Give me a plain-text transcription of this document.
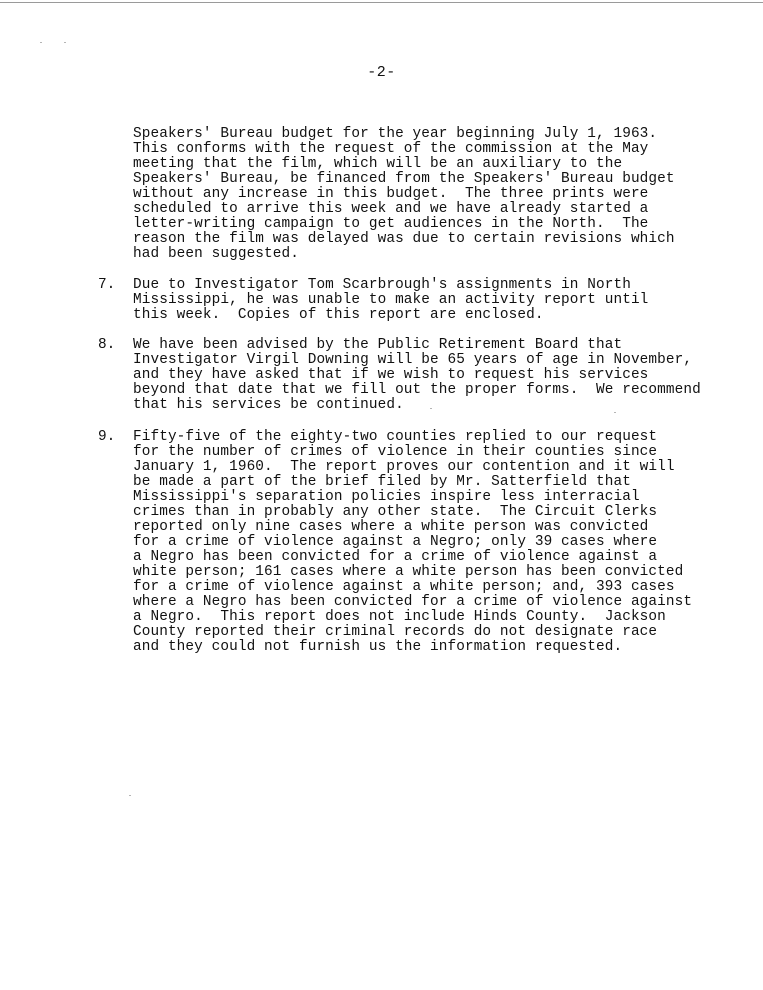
-2-
Speakers' Bureau budget for the year beginning July 1, 1963.
This conforms with the request of the commission at the May
meeting that the film, which will be an auxiliary to the
Speakers' Bureau, be financed from the Speakers' Bureau budget
without any increase in this budget.  The three prints were
scheduled to arrive this week and we have already started a
letter-writing campaign to get audiences in the North.  The
reason the film was delayed was due to certain revisions which
had been suggested.
7. Due to Investigator Tom Scarbrough's assignments in North
Mississippi, he was unable to make an activity report until
this week.  Copies of this report are enclosed.
8. We have been advised by the Public Retirement Board that
Investigator Virgil Downing will be 65 years of age in November,
and they have asked that if we wish to request his services
beyond that date that we fill out the proper forms.  We recommend
that his services be continued.
9. Fifty-five of the eighty-two counties replied to our request
for the number of crimes of violence in their counties since
January 1, 1960.  The report proves our contention and it will
be made a part of the brief filed by Mr. Satterfield that
Mississippi's separation policies inspire less interracial
crimes than in probably any other state.  The Circuit Clerks
reported only nine cases where a white person was convicted
for a crime of violence against a Negro; only 39 cases where
a Negro has been convicted for a crime of violence against a
white person; 161 cases where a white person has been convicted
for a crime of violence against a white person; and, 393 cases
where a Negro has been convicted for a crime of violence against
a Negro.  This report does not include Hinds County.  Jackson
County reported their criminal records do not designate race
and they could not furnish us the information requested.
